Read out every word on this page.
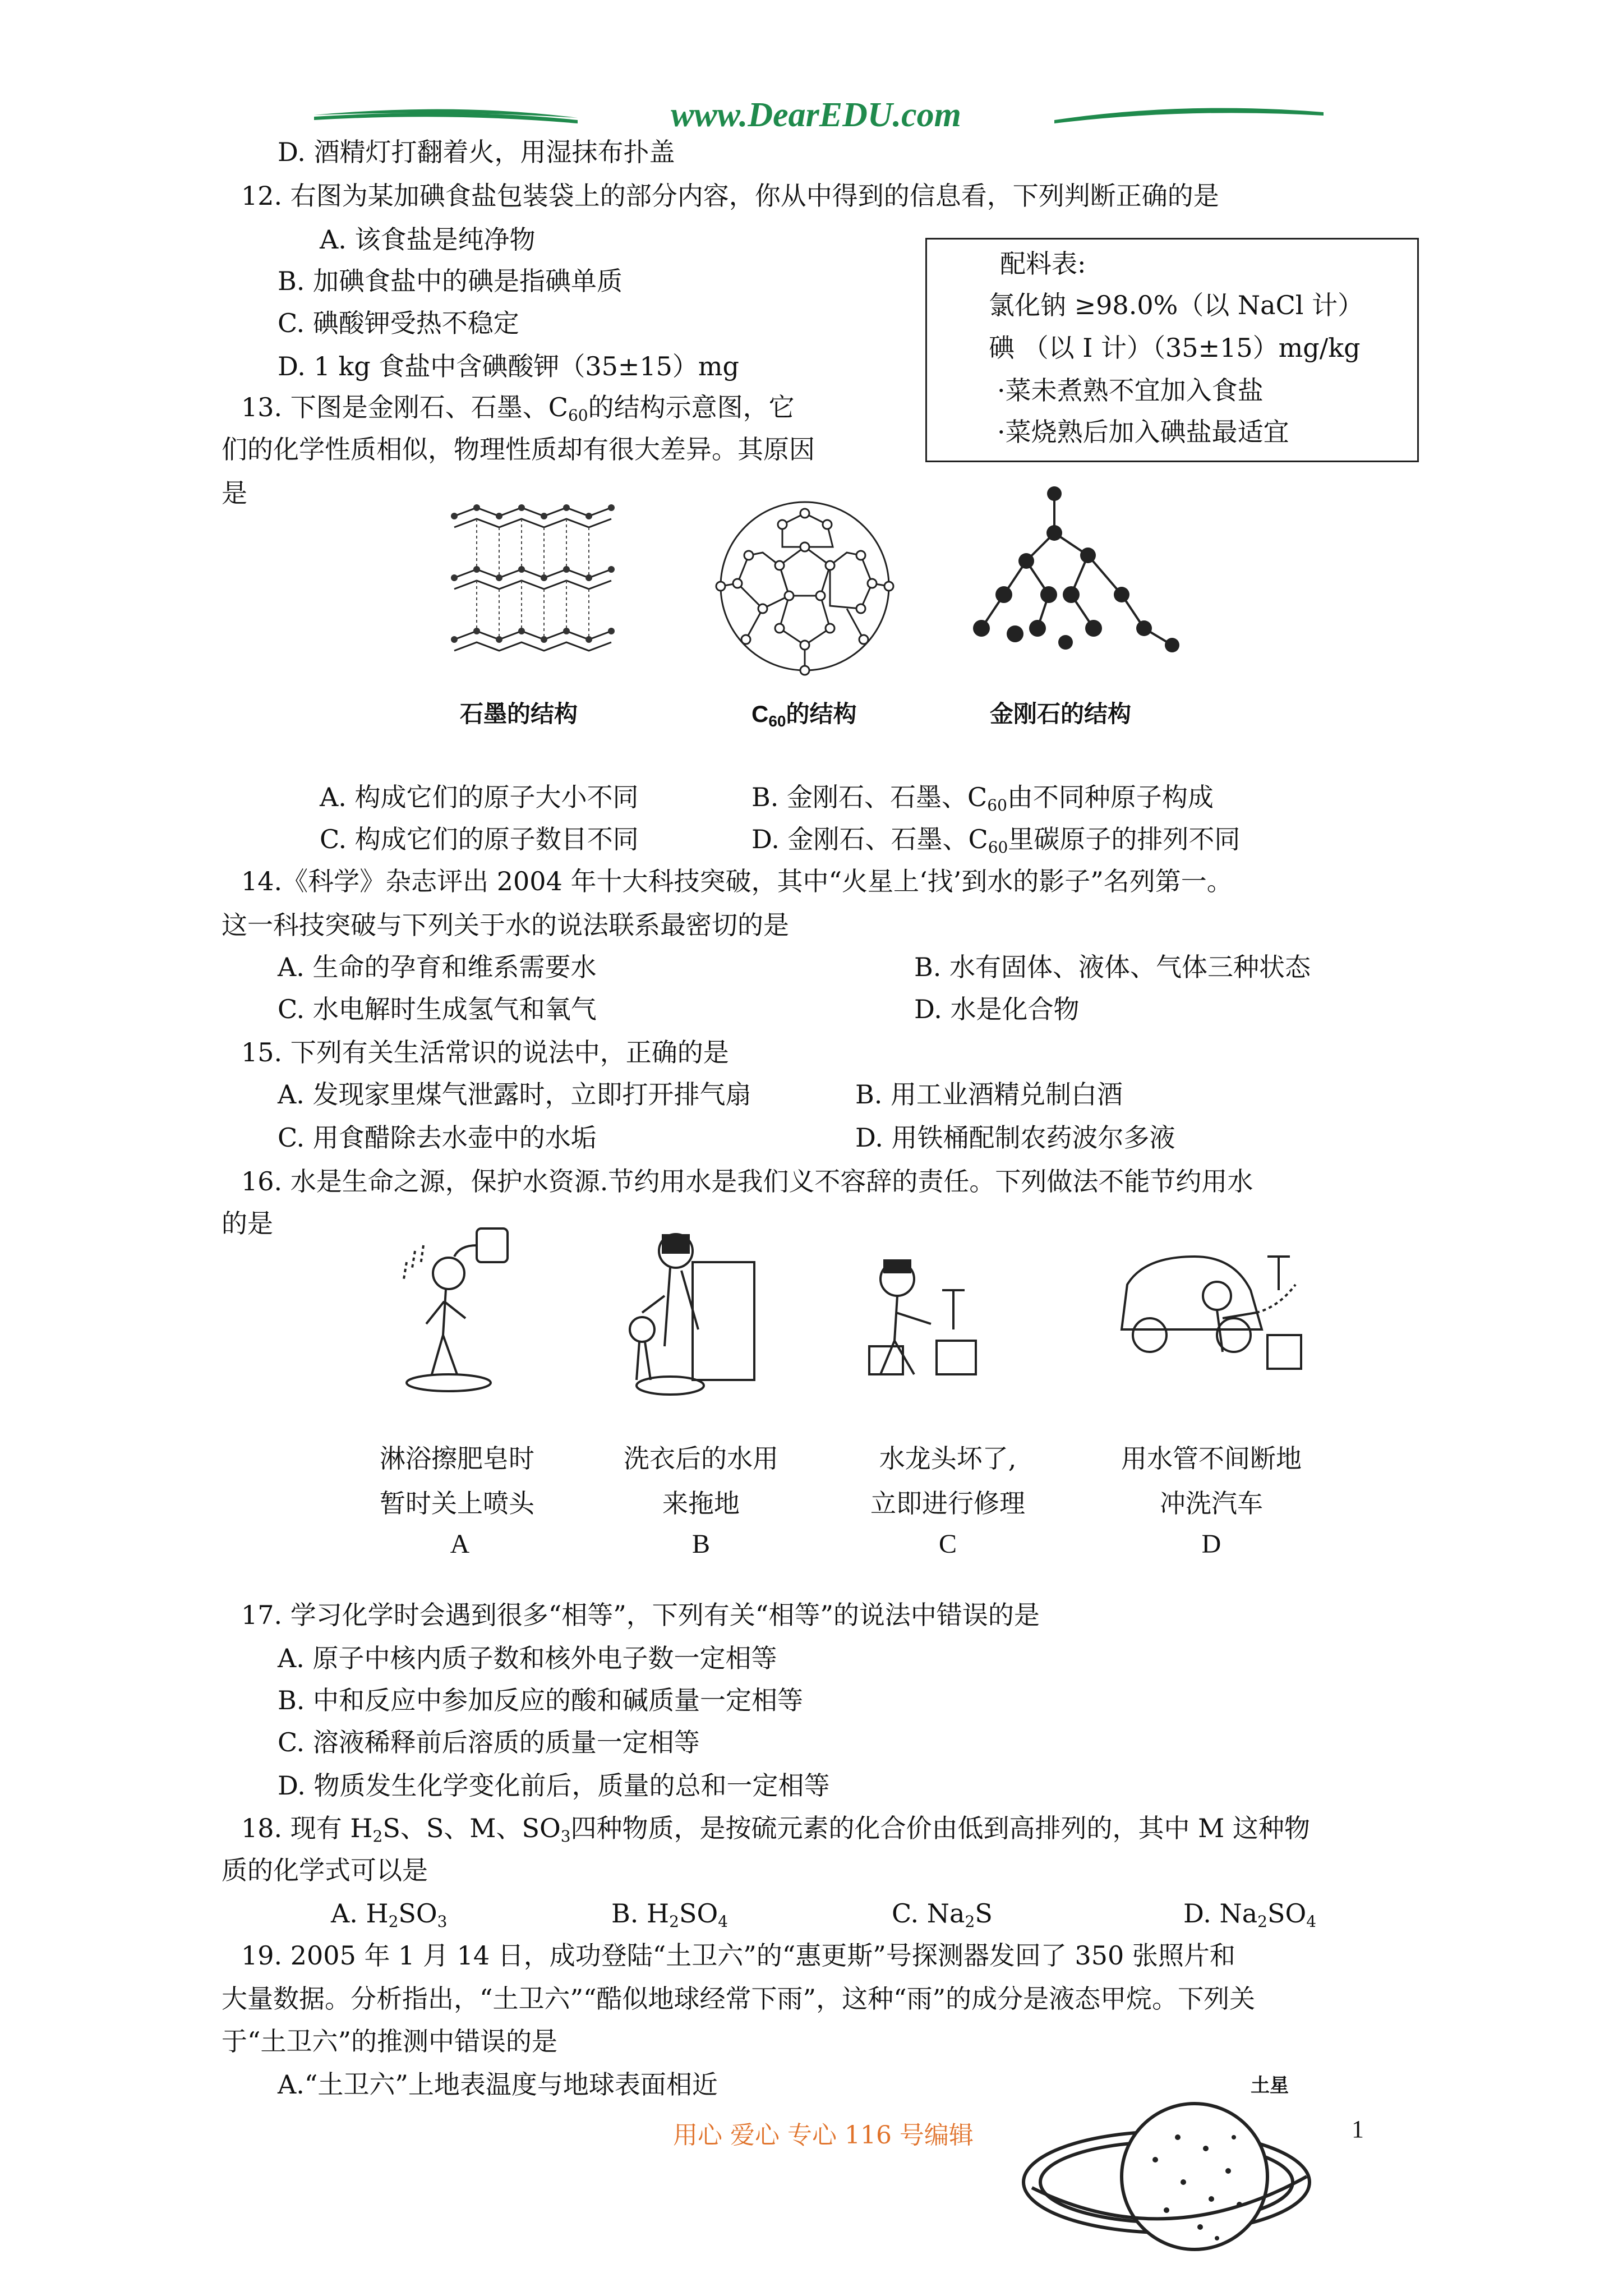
www.DearEDU.com
D. 酒精灯打翻着火，用湿抹布扑盖
12. 右图为某加碘食盐包装袋上的部分内容，你从中得到的信息看，下列判断正确的是
A. 该食盐是纯净物
B. 加碘食盐中的碘是指碘单质
C. 碘酸钾受热不稳定
D. 1 kg 食盐中含碘酸钾（35±15）mg
配料表:
氯化钠 ≥98.0%（以 NaCl 计）
碘 （以 I 计）（35±15）mg/kg
·菜未煮熟不宜加入食盐
·菜烧熟后加入碘盐最适宜
13. 下图是金刚石、石墨、$C_{60}$的结构示意图，它
们的化学性质相似，物理性质却有很大差异。其原因
是
石墨的结构	$C_{60}$的结构	金刚石的结构
A. 构成它们的原子大小不同	B. 金刚石、石墨、$C_{60}$由不同种原子构成
C. 构成它们的原子数目不同	D. 金刚石、石墨、$C_{60}$里碳原子的排列不同
14.《科学》杂志评出 2004 年十大科技突破，其中“火星上‘找’到水的影子”名列第一。
这一科技突破与下列关于水的说法联系最密切的是
A. 生命的孕育和维系需要水	B. 水有固体、液体、气体三种状态
C. 水电解时生成氢气和氧气	D. 水是化合物
15. 下列有关生活常识的说法中，正确的是
A. 发现家里煤气泄露时，立即打开排气扇	B. 用工业酒精兑制白酒
C. 用食醋除去水壶中的水垢	D. 用铁桶配制农药波尔多液
16. 水是生命之源，保护水资源.节约用水是我们义不容辞的责任。下列做法不能节约用水
的是
淋浴擦肥皂时
暂时关上喷头
A
洗衣后的水用
来拖地
B
水龙头坏了,
立即进行修理
C
用水管不间断地
冲洗汽车
D
17. 学习化学时会遇到很多“相等”，下列有关“相等”的说法中错误的是
A. 原子中核内质子数和核外电子数一定相等
B. 中和反应中参加反应的酸和碱质量一定相等
C. 溶液稀释前后溶质的质量一定相等
D. 物质发生化学变化前后，质量的总和一定相等
18. 现有 $H_2S$、S、M、$SO_3$四种物质，是按硫元素的化合价由低到高排列的，其中 M 这种物
质的化学式可以是
A. $H_2SO_3$	B. $H_2SO_4$	C. $Na_2S$	D. $Na_2SO_4$
19. 2005 年 1 月 14 日，成功登陆“土卫六”的“惠更斯”号探测器发回了 350 张照片和
大量数据。分析指出，“土卫六”“酷似地球经常下雨”，这种“雨”的成分是液态甲烷。下列关
于“土卫六”的推测中错误的是
A.“土卫六”上地表温度与地球表面相近	土星
用心 爱心 专心 116 号编辑	1
